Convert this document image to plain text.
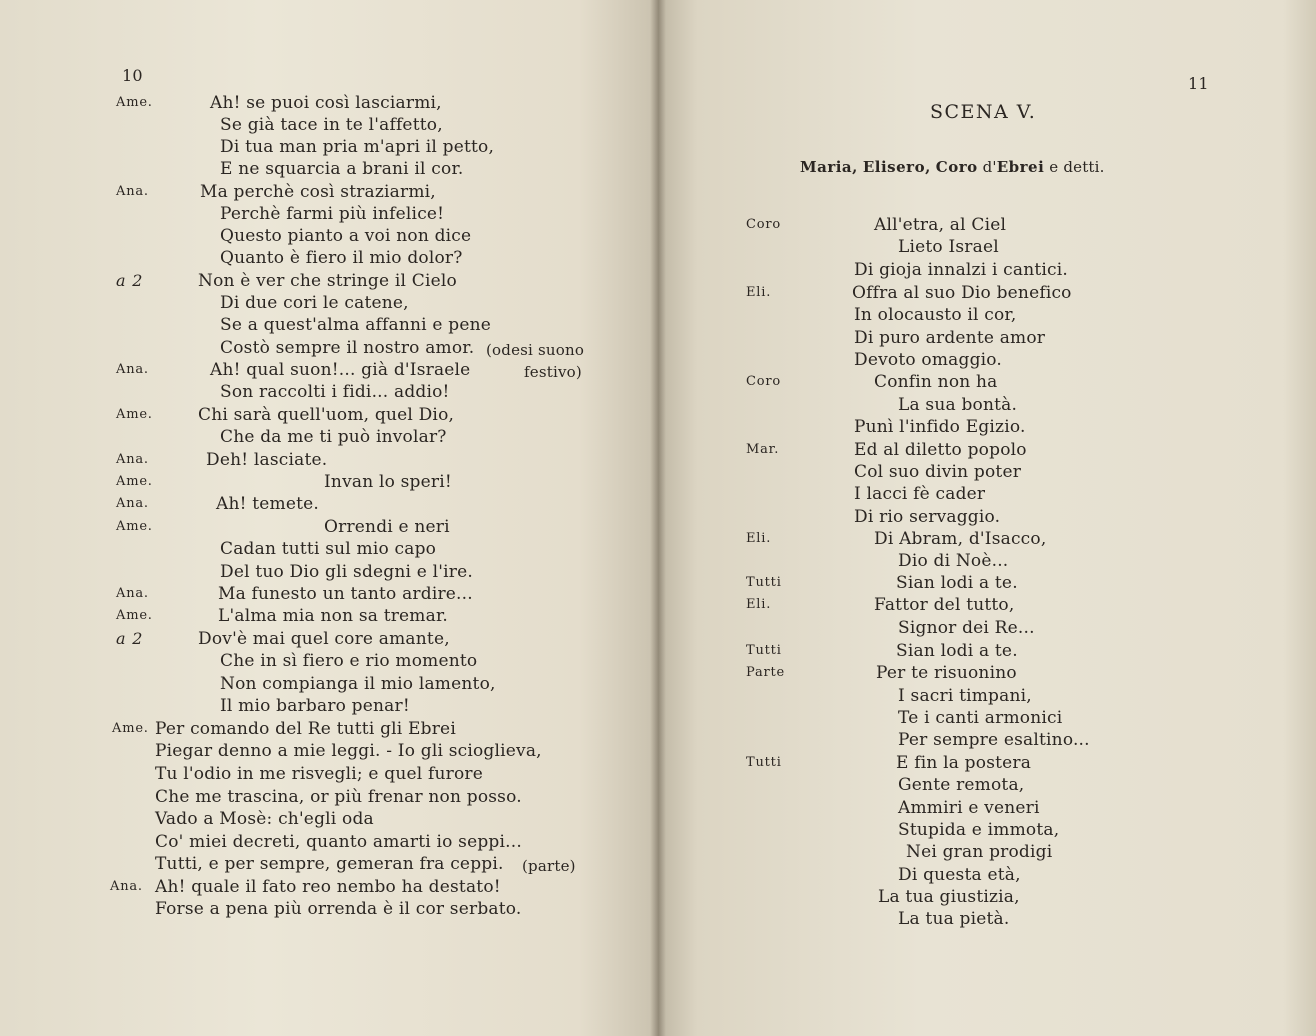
10
Ame.	Ah! se puoi così lasciarmi,
Se già tace in te l'affetto,
Di tua man pria m'apri il petto,
E ne squarcia a brani il cor.
Ana.	Ma perchè così straziarmi,
Perchè farmi più infelice!
Questo pianto a voi non dice
Quanto è fiero il mio dolor?
a 2	Non è ver che stringe il Cielo
Di due cori le catene,
Se a quest'alma affanni e pene
Costò sempre il nostro amor. (odesi suono
Ana.	Ah! qual suon!... già d'Israele	festivo)
Son raccolti i fidi... addio!
Ame.	Chi sarà quell'uom, quel Dio,
Che da me ti può involar?
Ana.	Deh! lasciate.
Ame.	Invan lo speri!
Ana.	Ah! temete.
Ame.	Orrendi e neri
Cadan tutti sul mio capo
Del tuo Dio gli sdegni e l'ire.
Ana.	Ma funesto un tanto ardire...
Ame.	L'alma mia non sa tremar.
a 2	Dov'è mai quel core amante,
Che in sì fiero e rio momento
Non compianga il mio lamento,
Il mio barbaro penar!
Ame. Per comando del Re tutti gli Ebrei
Piegar denno a mie leggi. - Io gli scioglieva,
Tu l'odio in me risvegli; e quel furore
Che me trascina, or più frenar non posso.
Vado a Mosè: ch'egli oda
Co' miei decreti, quanto amarti io seppi...
Tutti, e per sempre, gemeran fra ceppi. (parte)
Ana. Ah! quale il fato reo nembo ha destato!
Forse a pena più orrenda è il cor serbato.
11
SCENA V.
Maria, Elisero, Coro d'Ebrei e detti.
Coro	All'etra, al Ciel
Lieto Israel
Di gioja innalzi i cantici.
Eli.	Offra al suo Dio benefico
In olocausto il cor,
Di puro ardente amor
Devoto omaggio.
Coro	Confin non ha
La sua bontà.
Punì l'infido Egizio.
Mar.	Ed al diletto popolo
Col suo divin poter
I lacci fè cader
Di rio servaggio.
Eli.	Di Abram, d'Isacco,
Dio di Noè...
Tutti	Sian lodi a te.
Eli.	Fattor del tutto,
Signor dei Re...
Tutti	Sian lodi a te.
Parte	Per te risuonino
I sacri timpani,
Te i canti armonici
Per sempre esaltino...
Tutti	E fin la postera
Gente remota,
Ammiri e veneri
Stupida e immota,
Nei gran prodigi
Di questa età,
La tua giustizia,
La tua pietà.
